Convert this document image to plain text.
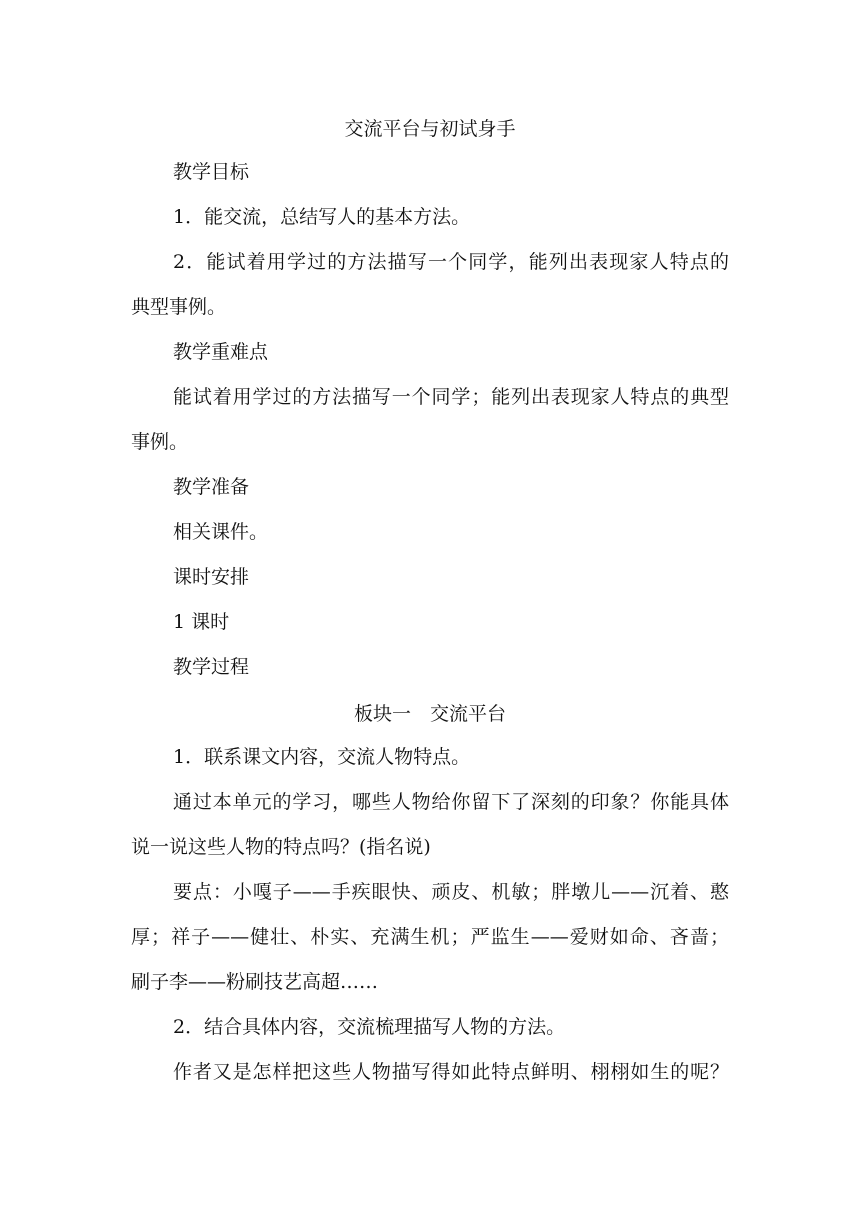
交流平台与初试身手

教学目标

1．能交流，总结写人的基本方法。

2．能试着用学过的方法描写一个同学，能列出表现家人特点的

典型事例。

教学重难点

能试着用学过的方法描写一个同学；能列出表现家人特点的典型

事例。

教学准备

相关课件。

课时安排

1 课时

教学过程

板块一　交流平台

1．联系课文内容，交流人物特点。

通过本单元的学习，哪些人物给你留下了深刻的印象？你能具体

说一说这些人物的特点吗？(指名说)

要点：小嘎子——手疾眼快、顽皮、机敏；胖墩儿——沉着、憨

厚；祥子——健壮、朴实、充满生机；严监生——爱财如命、吝啬；

刷子李——粉刷技艺高超……

2．结合具体内容，交流梳理描写人物的方法。

作者又是怎样把这些人物描写得如此特点鲜明、栩栩如生的呢？
